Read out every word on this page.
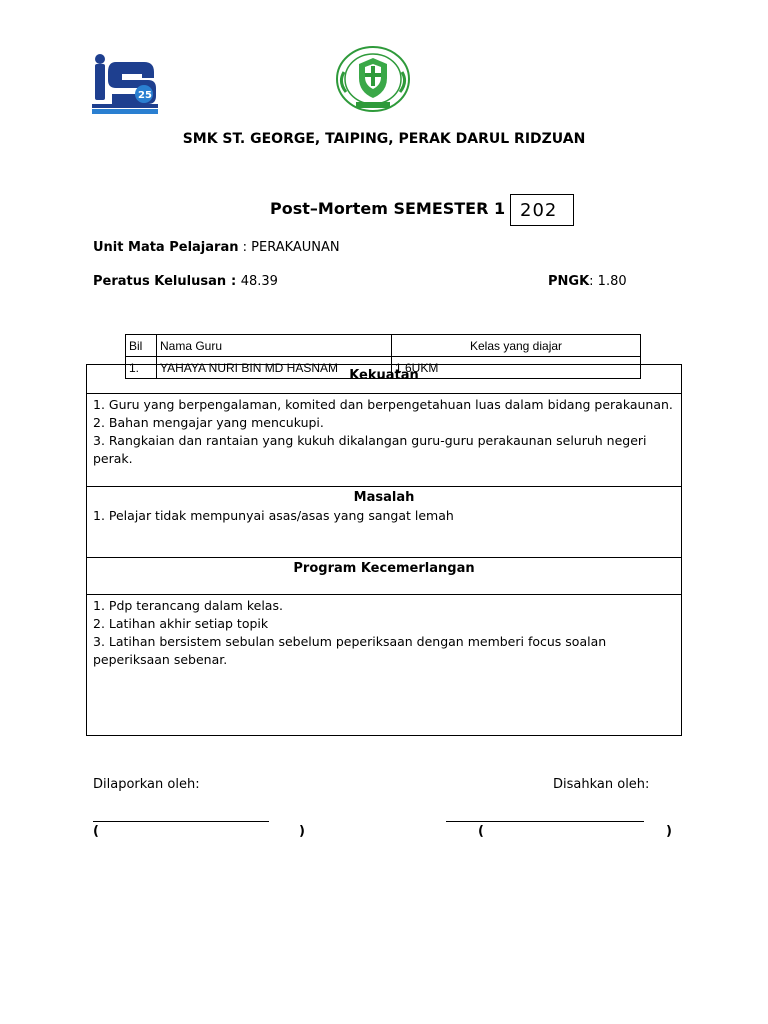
25
SMK ST. GEORGE, TAIPING, PERAK DARUL RIDZUAN
Post–Mortem SEMESTER 1 202
Unit Mata Pelajaran : PERAKAUNAN
Peratus Kelulusan : 48.39	PNGK: 1.80
Kekuatan

1. Guru yang berpengalaman, komited dan berpengetahuan luas dalam bidang perakaunan.
2. Bahan mengajar yang mencukupi.
3. Rangkaian dan rantaian yang kukuh dikalangan guru-guru perakaunan seluruh negeri perak.

Masalah
1. Pelajar tidak mempunyai asas/asas yang sangat lemah

Program Kecemerlangan

1. Pdp terancang dalam kelas.
2. Latihan akhir setiap topik
3. Latihan bersistem sebulan sebelum peperiksaan dengan memberi focus soalan peperiksaan sebenar.
Bil	Nama Guru	Kelas yang diajar
1.	YAHAYA NURI BIN MD HASNAM	1 6UKM
Dilaporkan oleh:	Disahkan oleh:
(	)	(	)
